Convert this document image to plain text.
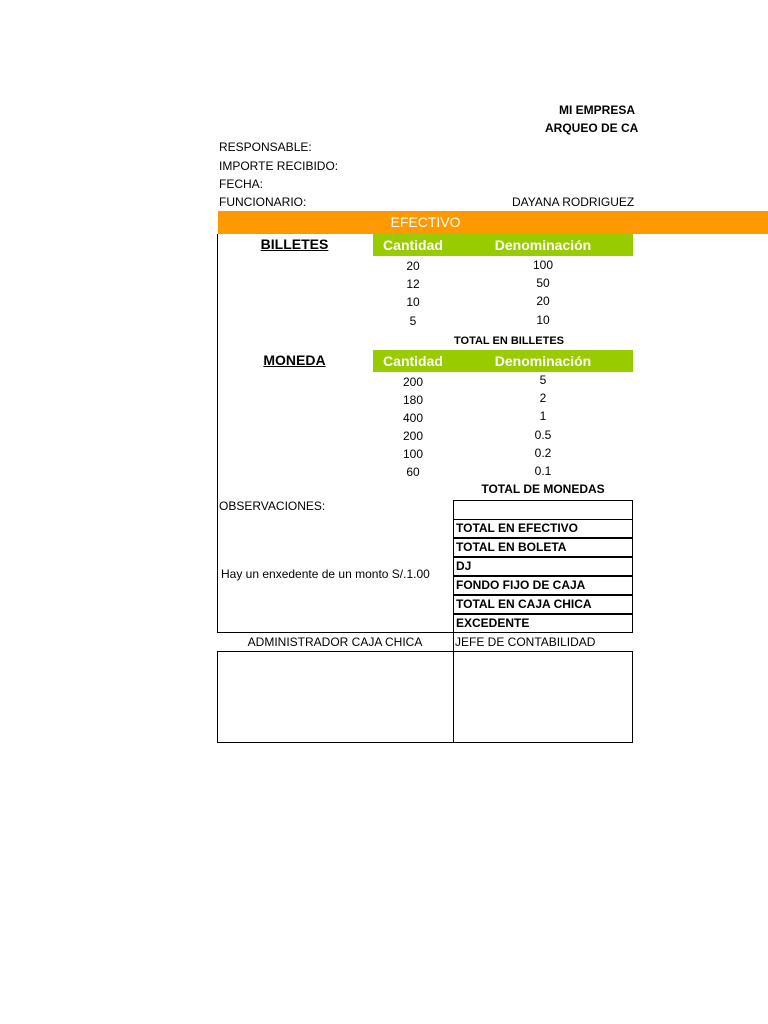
MI EMPRESA
ARQUEO DE CA
RESPONSABLE:
IMPORTE RECIBIDO:
FECHA:
FUNCIONARIO:	DAYANA RODRIGUEZ
EFECTIVO
BILLETES	Cantidad	Denominación
20	100
12	50
10	20
5	10
TOTAL EN BILLETES
MONEDA	Cantidad	Denominación
200	5
180	2
400	1
200	0.5
100	0.2
60	0.1
TOTAL DE MONEDAS
OBSERVACIONES:
Hay un enxedente de un monto S/.1.00
TOTAL EN EFECTIVO
TOTAL EN BOLETA
DJ
FONDO FIJO DE CAJA
TOTAL EN CAJA CHICA
EXCEDENTE
ADMINISTRADOR CAJA CHICA	JEFE DE CONTABILIDAD
